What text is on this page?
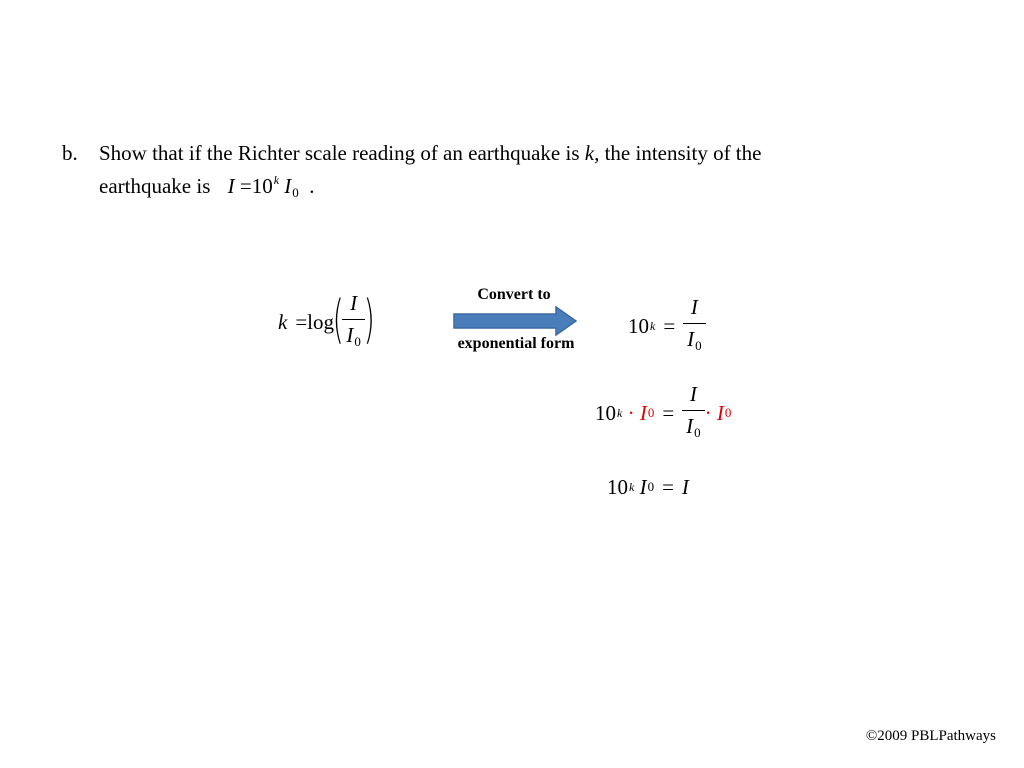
b. Show that if the Richter scale reading of an earthquake is k, the intensity of the
earthquake is $I =10^k$ $I_0$ .
k = log
(
$\frac{I}{I_0}$
)	Convert to
exponential form
10 $k = \frac{I}{I_0}$
10 k
·
I $0 = \frac{I}{I_0}$ ·
I 0
10 k
I 0 = I
©2009 PBLPathways
